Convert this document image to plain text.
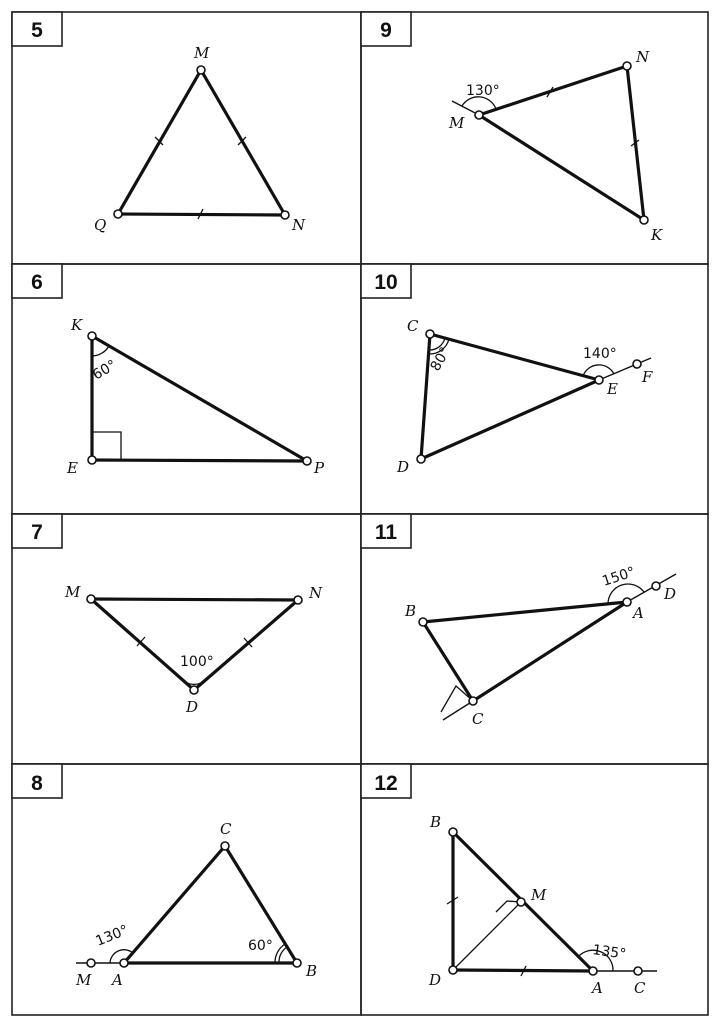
5
M
Q	N
6
K
E	P
60°
7
M	N
D
100°
8
C
M A	B
130°	60°
9
M
N
K
130°
10
C
E
F
D
80°	140°
11
B	A
D
C
150°
12
B
M
D	A C
135°
